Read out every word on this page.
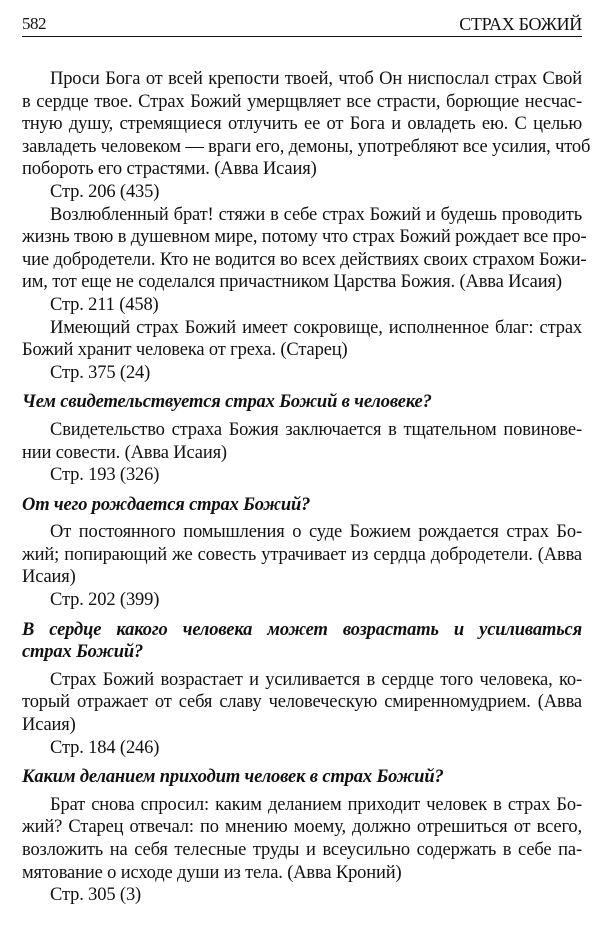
582	СТРАХ БОЖИЙ
Проси Бога от всей крепости твоей, чтоб Он ниспослал страх Свой
в сердце твое. Страх Божий умерщвляет все страсти, борющие несчас-
тную душу, стремящиеся отлучить ее от Бога и овладеть ею. С целью
завладеть человеком — враги его, демоны, употребляют все усилия, чтоб
побороть его страстями. (Авва Исаия)
Стр. 206 (435)
Возлюбленный брат! стяжи в себе страх Божий и будешь проводить
жизнь твою в душевном мире, потому что страх Божий рождает все про-
чие добродетели. Кто не водится во всех действиях своих страхом Божи-
им, тот еще не соделался причастником Царства Божия. (Авва Исаия)
Стр. 211 (458)
Имеющий страх Божий имеет сокровище, исполненное благ: страх
Божий хранит человека от греха. (Старец)
Стр. 375 (24)
Чем свидетельствуется страх Божий в человеке?
Свидетельство страха Божия заключается в тщательном повинове-
нии совести. (Авва Исаия)
Стр. 193 (326)
От чего рождается страх Божий?
От постоянного помышления о суде Божием рождается страх Бо-
жий; попирающий же совесть утрачивает из сердца добродетели. (Авва
Исаия)
Стр. 202 (399)
В сердце какого человека может возрастать и усиливаться
страх Божий?
Страх Божий возрастает и усиливается в сердце того человека, ко-
торый отражает от себя славу человеческую смиренномудрием. (Авва
Исаия)
Стр. 184 (246)
Каким деланием приходит человек в страх Божий?
Брат снова спросил: каким деланием приходит человек в страх Бо-
жий? Старец отвечал: по мнению моему, должно отрешиться от всего,
возложить на себя телесные труды и всеусильно содержать в себе па-
мятование о исходе души из тела. (Авва Кроний)
Стр. 305 (3)
